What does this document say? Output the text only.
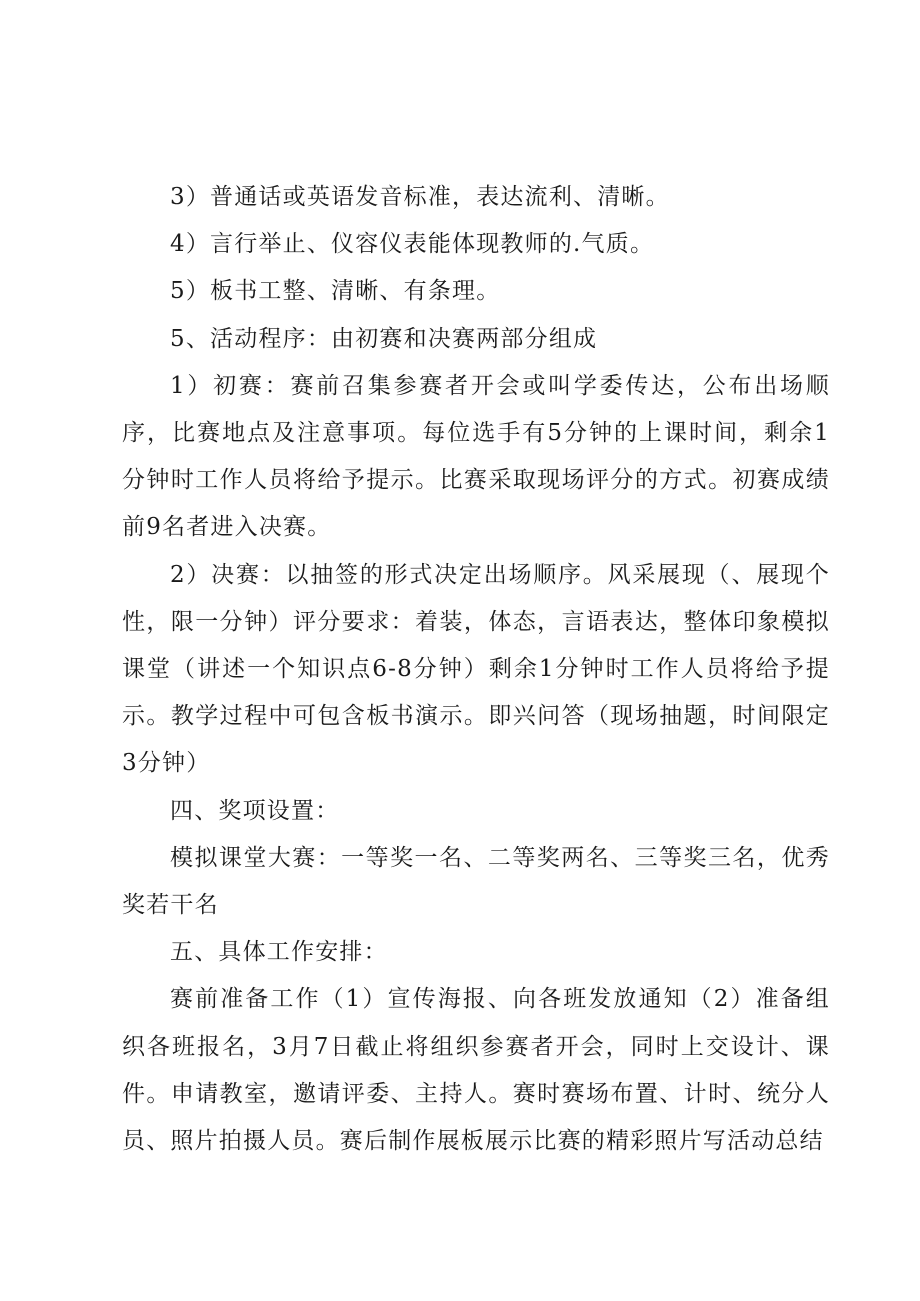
3）普通话或英语发音标准，表达流利、清晰。

4）言行举止、仪容仪表能体现教师的.气质。

5）板书工整、清晰、有条理。

5、活动程序：由初赛和决赛两部分组成

1）初赛：赛前召集参赛者开会或叫学委传达，公布出场顺序，比赛地点及注意事项。每位选手有5分钟的上课时间，剩余1分钟时工作人员将给予提示。比赛采取现场评分的方式。初赛成绩前9名者进入决赛。

2）决赛：以抽签的形式决定出场顺序。风采展现（、展现个性，限一分钟）评分要求：着装，体态，言语表达，整体印象模拟课堂（讲述一个知识点6-8分钟）剩余1分钟时工作人员将给予提示。教学过程中可包含板书演示。即兴问答（现场抽题，时间限定3分钟）

四、奖项设置：

模拟课堂大赛：一等奖一名、二等奖两名、三等奖三名，优秀奖若干名

五、具体工作安排：

赛前准备工作（1）宣传海报、向各班发放通知（2）准备组织各班报名，3月7日截止将组织参赛者开会，同时上交设计、课件。申请教室，邀请评委、主持人。赛时赛场布置、计时、统分人员、照片拍摄人员。赛后制作展板展示比赛的精彩照片写活动总结
